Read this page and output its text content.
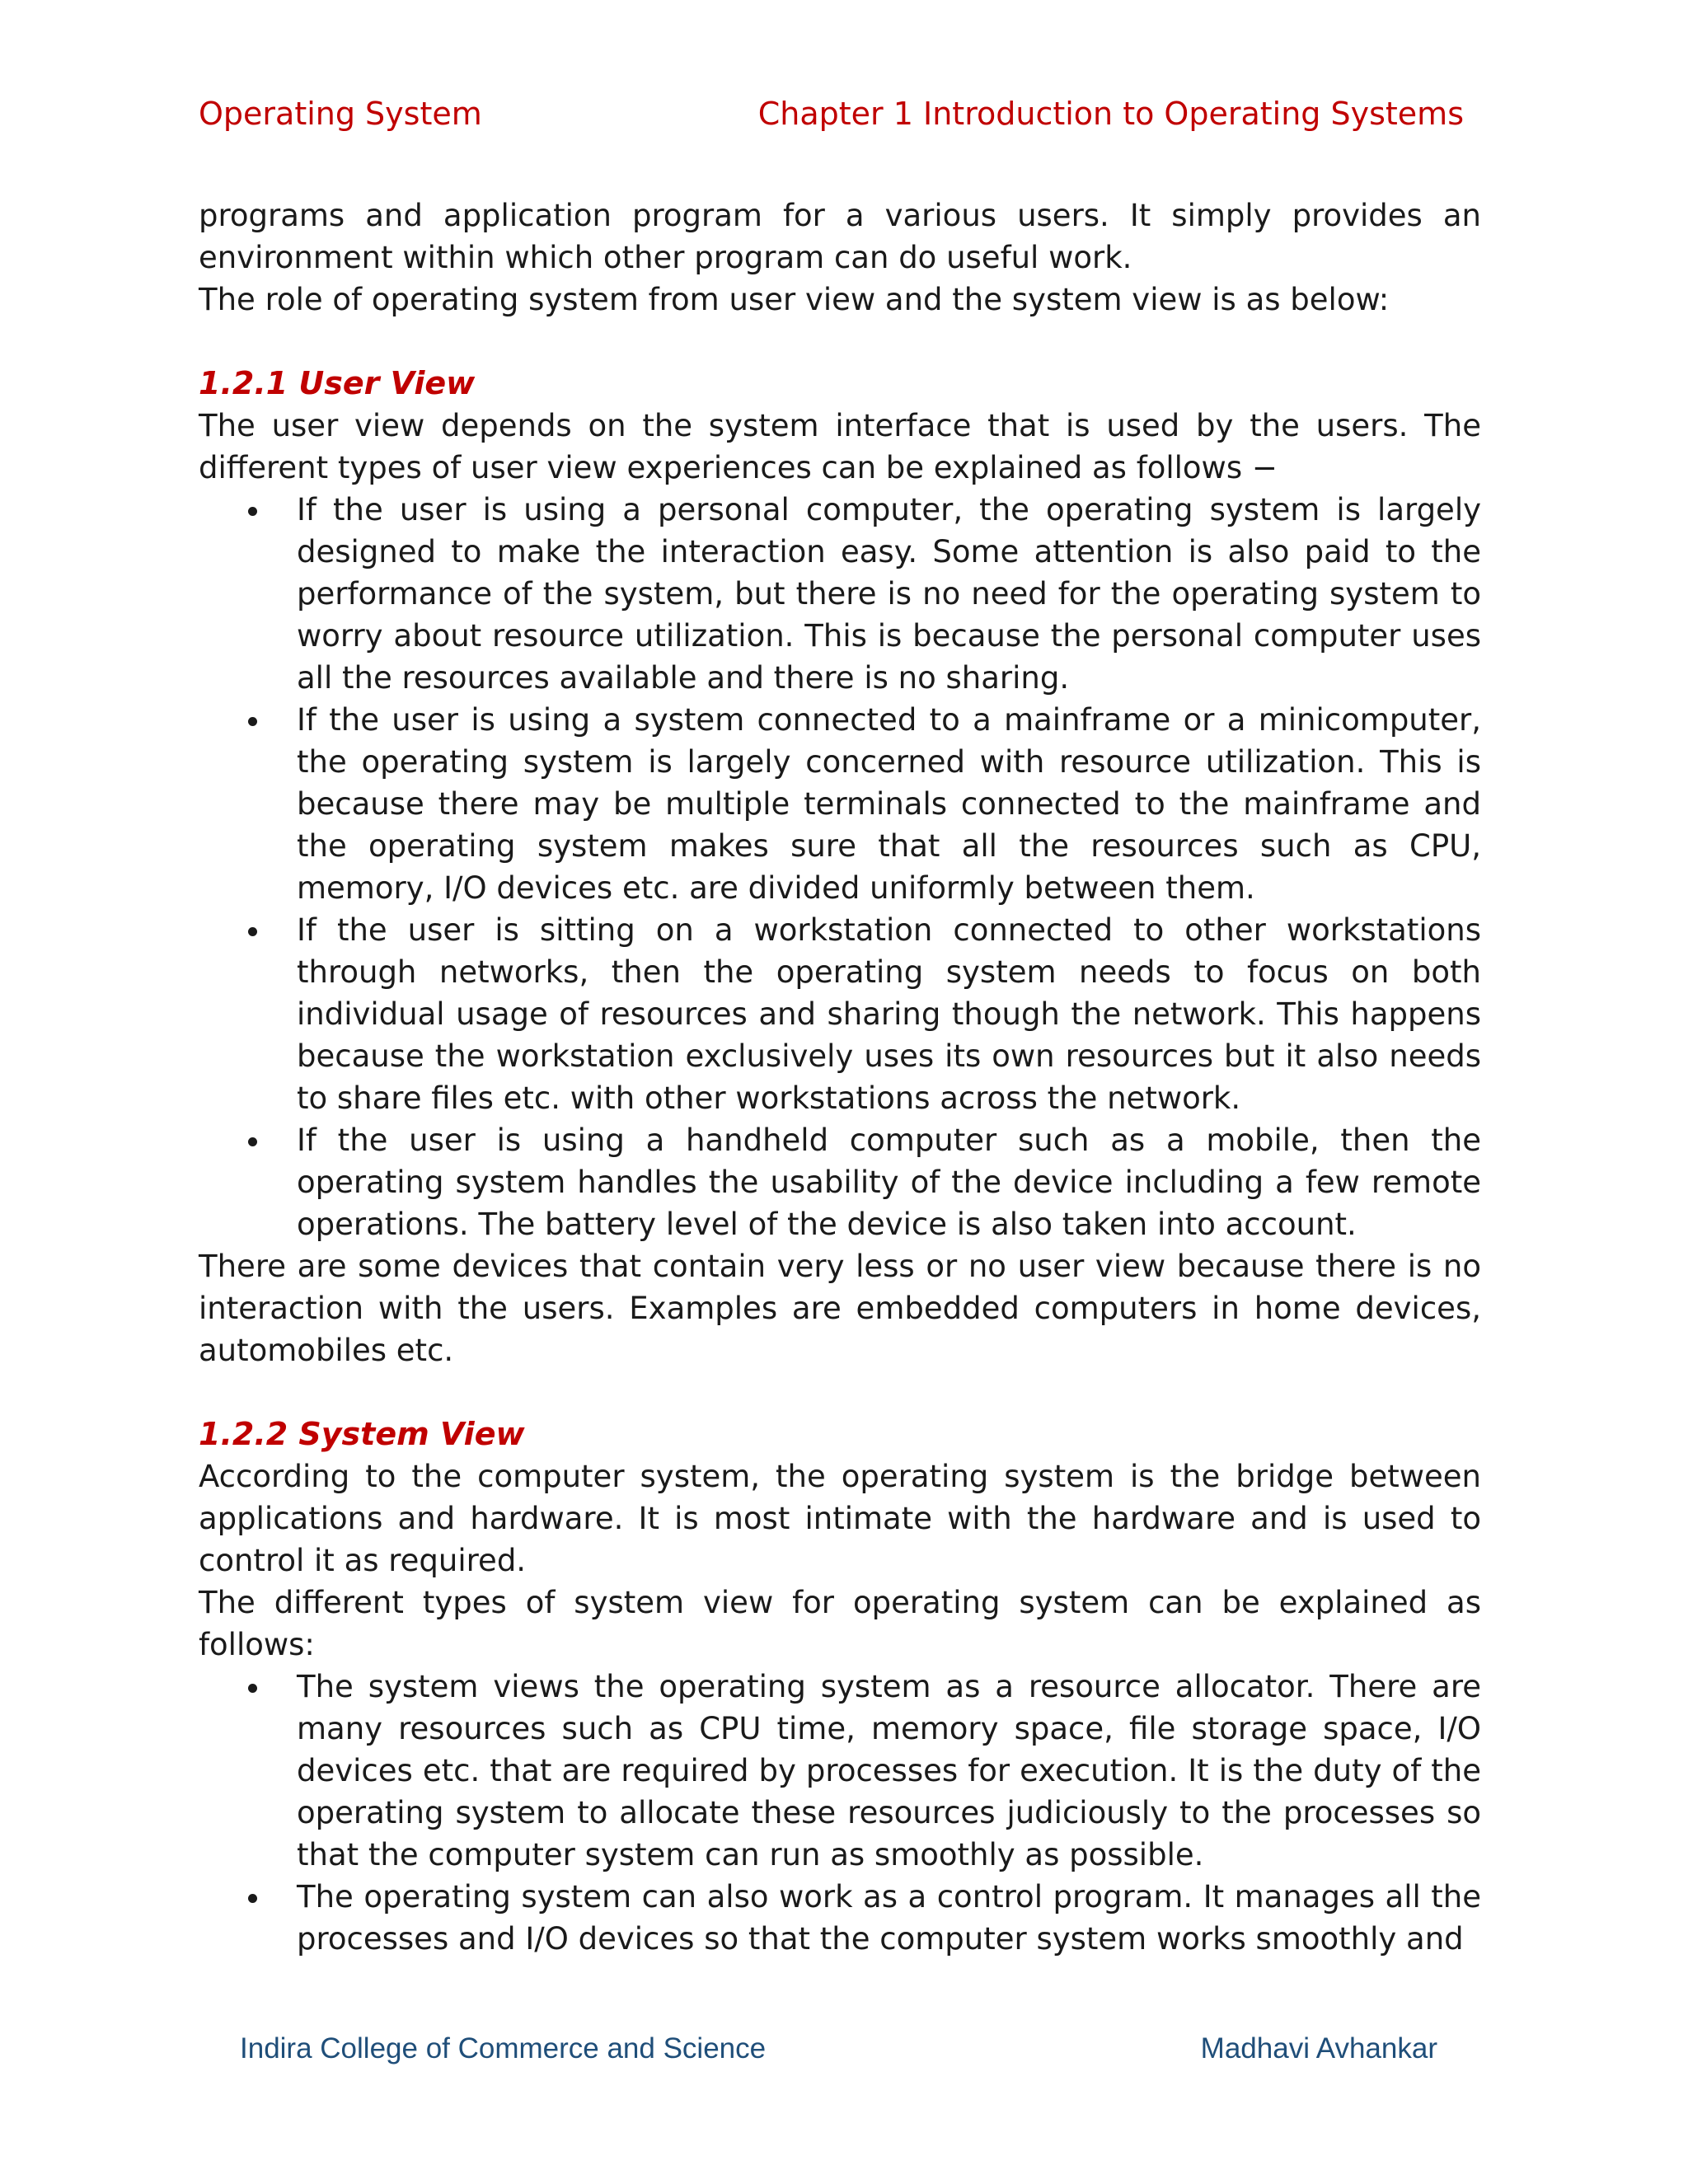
Operating System	Chapter 1 Introduction to Operating Systems

programs and application program for a various users. It simply provides an environment within which other program can do useful work.

The role of operating system from user view and the system view is as below:

1.2.1 User View

The user view depends on the system interface that is used by the users. The different types of user view experiences can be explained as follows −

If the user is using a personal computer, the operating system is largely designed to make the interaction easy. Some attention is also paid to the performance of the system, but there is no need for the operating system to worry about resource utilization. This is because the personal computer uses all the resources available and there is no sharing.
If the user is using a system connected to a mainframe or a minicomputer, the operating system is largely concerned with resource utilization. This is because there may be multiple terminals connected to the mainframe and the operating system makes sure that all the resources such as CPU, memory, I/O devices etc. are divided uniformly between them.
If the user is sitting on a workstation connected to other workstations through networks, then the operating system needs to focus on both individual usage of resources and sharing though the network. This happens because the workstation exclusively uses its own resources but it also needs to share files etc. with other workstations across the network.
If the user is using a handheld computer such as a mobile, then the operating system handles the usability of the device including a few remote operations. The battery level of the device is also taken into account.

There are some devices that contain very less or no user view because there is no interaction with the users. Examples are embedded computers in home devices, automobiles etc.

1.2.2 System View

According to the computer system, the operating system is the bridge between applications and hardware. It is most intimate with the hardware and is used to control it as required.

The different types of system view for operating system can be explained as follows:

The system views the operating system as a resource allocator. There are many resources such as CPU time, memory space, file storage space, I/O devices etc. that are required by processes for execution. It is the duty of the operating system to allocate these resources judiciously to the processes so that the computer system can run as smoothly as possible.
The operating system can also work as a control program. It manages all the processes and I/O devices so that the computer system works smoothly and
Indira College of Commerce and Science	Madhavi Avhankar
